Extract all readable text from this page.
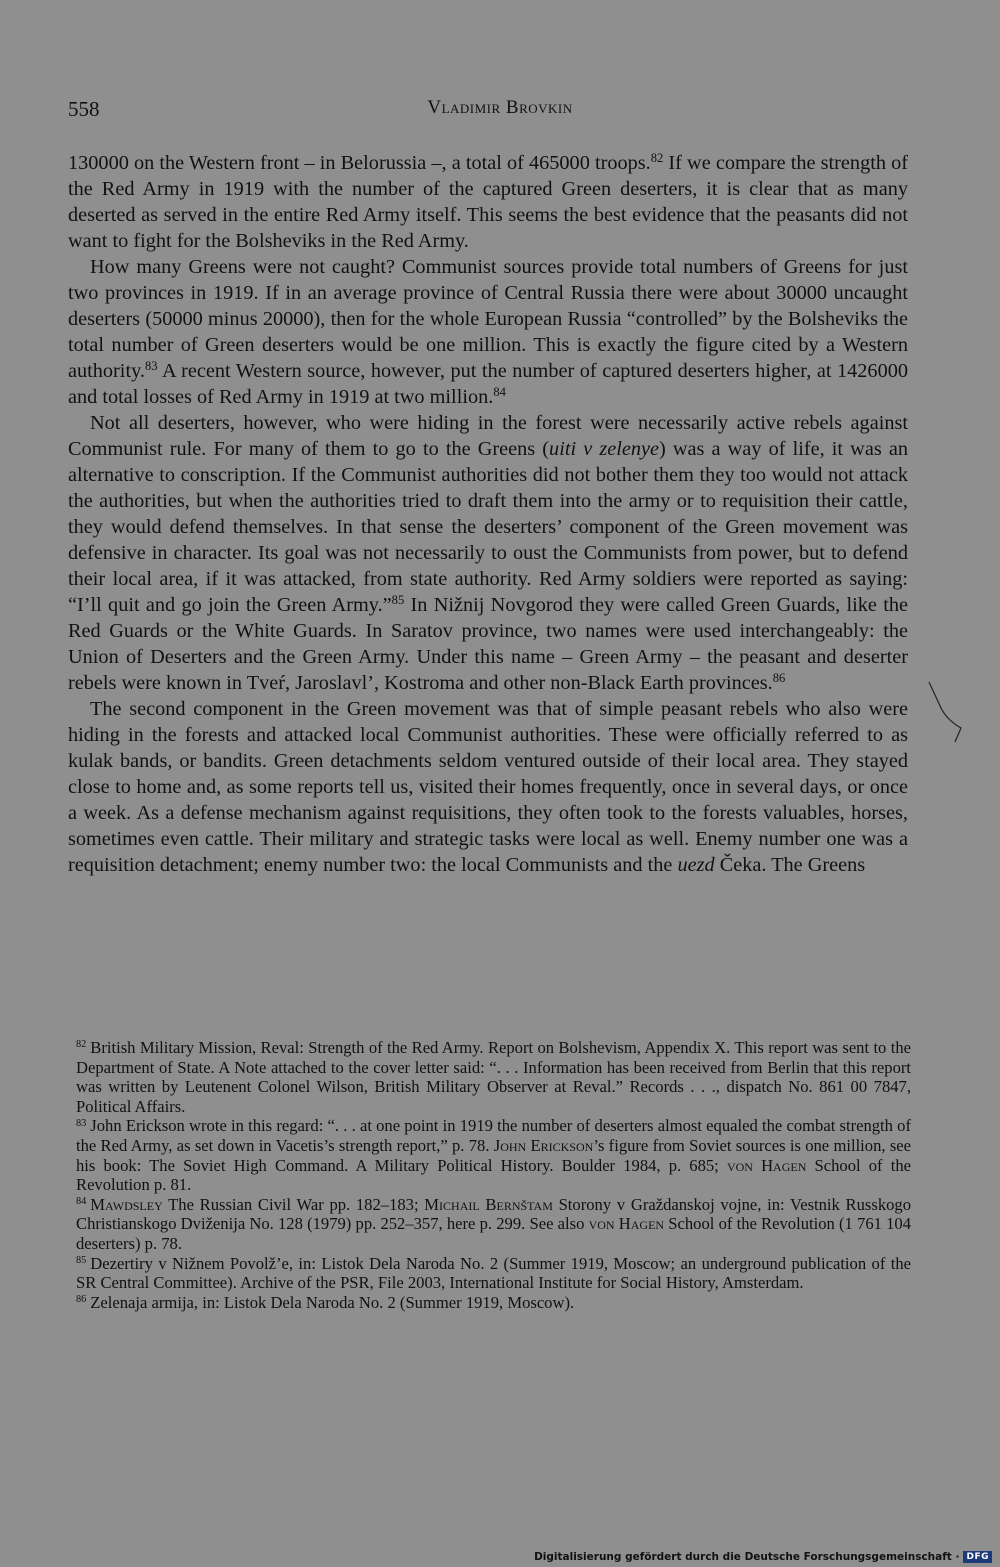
558	Vladimir Brovkin

130000 on the Western front – in Belorussia –, a total of 465000 troops.$^{82}$ If we compare the strength of the Red Army in 1919 with the number of the captured Green deserters, it is clear that as many deserted as served in the entire Red Army itself. This seems the best evidence that the peasants did not want to fight for the Bolsheviks in the Red Army.

How many Greens were not caught? Communist sources provide total numbers of Greens for just two provinces in 1919. If in an average province of Central Russia there were about 30000 uncaught deserters (50000 minus 20000), then for the whole European Russia “controlled” by the Bolsheviks the total number of Green deserters would be one million. This is exactly the figure cited by a Western authority.$^{83}$ A recent Western source, however, put the number of captured deserters higher, at 1426000 and total losses of Red Army in 1919 at two million.$^{84}$

Not all deserters, however, who were hiding in the forest were necessarily active rebels against Communist rule. For many of them to go to the Greens (uiti v zelenye) was a way of life, it was an alternative to conscription. If the Communist authorities did not bother them they too would not attack the authorities, but when the authorities tried to draft them into the army or to requisition their cattle, they would defend themselves. In that sense the deserters’ component of the Green movement was defensive in character. Its goal was not necessarily to oust the Communists from power, but to defend their local area, if it was attacked, from state authority. Red Army soldiers were reported as saying: “I’ll quit and go join the Green Army.”$^{85}$ In Nižnij Novgorod they were called Green Guards, like the Red Guards or the White Guards. In Saratov province, two names were used interchangeably: the Union of Deserters and the Green Army. Under this name – Green Army – the peasant and deserter rebels were known in Tveŕ, Jaroslavl’, Kostroma and other non-Black Earth provinces.$^{86}$

The second component in the Green movement was that of simple peasant rebels who also were hiding in the forests and attacked local Communist authorities. These were officially referred to as kulak bands, or bandits. Green detachments seldom ventured outside of their local area. They stayed close to home and, as some reports tell us, visited their homes frequently, once in several days, or once a week. As a defense mechanism against requisitions, they often took to the forests valuables, horses, sometimes even cattle. Their military and strategic tasks were local as well. Enemy number one was a requisition detachment; enemy number two: the local Communists and the uezd Čeka. The Greens

$^{82}$ British Military Mission, Reval: Strength of the Red Army. Report on Bolshevism, Appendix X. This report was sent to the Department of State. A Note attached to the cover letter said: “. . . Information has been received from Berlin that this report was written by Leutenent Colonel Wilson, British Military Observer at Reval.” Records . . ., dispatch No. 861 00 7847, Political Affairs.

$^{83}$ John Erickson wrote in this regard: “. . . at one point in 1919 the number of deserters almost equaled the combat strength of the Red Army, as set down in Vacetis’s strength report,” p. 78. John Erickson’s figure from Soviet sources is one million, see his book: The Soviet High Command. A Military Political History. Boulder 1984, p. 685; von Hagen School of the Revolution p. 81.

$^{84}$ Mawdsley The Russian Civil War pp. 182–183; Michail Bernštam Storony v Graždanskoj vojne, in: Vestnik Russkogo Christianskogo Dviženija No. 128 (1979) pp. 252–357, here p. 299. See also von Hagen School of the Revolution (1 761 104 deserters) p. 78.

$^{85}$ Dezertiry v Nižnem Povolž’e, in: Listok Dela Naroda No. 2 (Summer 1919, Moscow; an underground publication of the SR Central Committee). Archive of the PSR, File 2003, International Institute for Social History, Amsterdam.

$^{86}$ Zelenaja armija, in: Listok Dela Naroda No. 2 (Summer 1919, Moscow).

Digitalisierung gefördert durch die Deutsche Forschungsgemeinschaft · DFG
